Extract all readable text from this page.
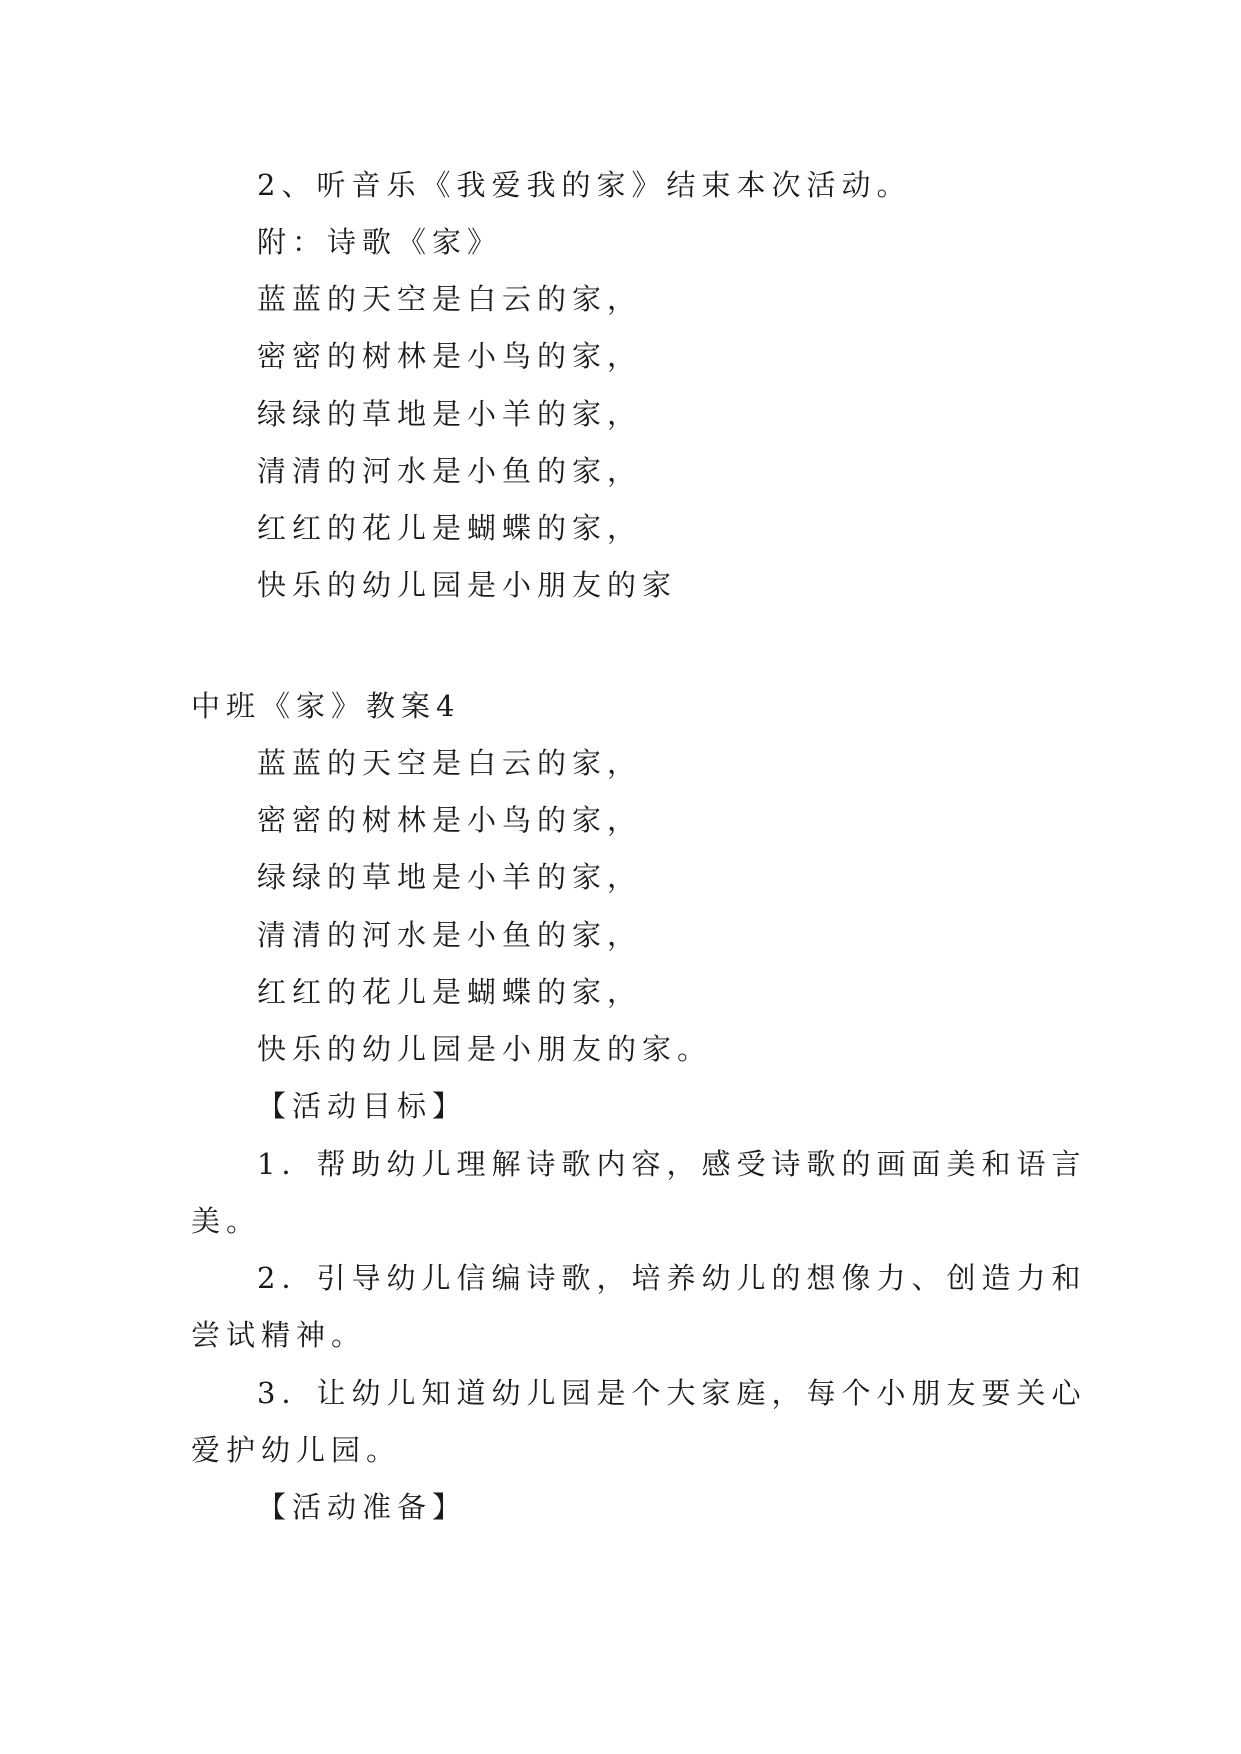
2、听音乐《我爱我的家》结束本次活动。
附：诗歌《家》
蓝蓝的天空是白云的家，
密密的树林是小鸟的家，
绿绿的草地是小羊的家，
清清的河水是小鱼的家，
红红的花儿是蝴蝶的家，
快乐的幼儿园是小朋友的家
中班《家》教案4
蓝蓝的天空是白云的家，
密密的树林是小鸟的家，
绿绿的草地是小羊的家，
清清的河水是小鱼的家，
红红的花儿是蝴蝶的家，
快乐的幼儿园是小朋友的家。
【活动目标】
1．帮助幼儿理解诗歌内容，感受诗歌的画面美和语言
美。
2．引导幼儿信编诗歌，培养幼儿的想像力、创造力和
尝试精神。
3．让幼儿知道幼儿园是个大家庭，每个小朋友要关心
爱护幼儿园。
【活动准备】
